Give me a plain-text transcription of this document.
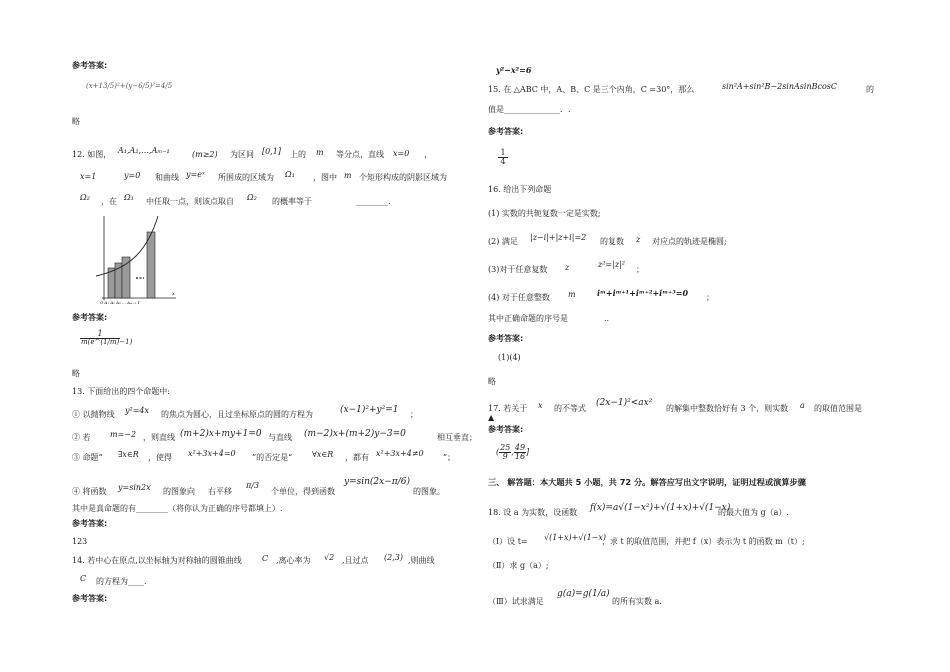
参考答案:
(x+13/5)²+(y−6/5)²=4/5
略
12. 如图， A₁,A₂,…,Aₘ₋₁	(m≥2) 为区间 [0,1] 上的 m 等分点，直线 x=0 ，
x=1	y=0 和曲线 y=eˣ 所围成的区域为 Ω₁ ，图中 m 个矩形构成的阴影区域为
Ω₂ ，在 Ω₁ 中任取一点，则该点取自 Ω₂ 的概率等于	________.
x
O A₁ A₂ A₃ … Aₘ₋₁ 1
参考答案:
$\frac{1}{m(e\^{}(1/m)-1)}$
略
13. 下面给出的四个命题中:
① 以抛物线 y²=4x 的焦点为圆心，且过坐标原点的圆的方程为	(x−1)²+y²=1 ；
② 若 m=−2 ，则直线 (m+2)x+my+1=0 与直线 (m−2)x+(m+2)y−3=0	相互垂直；
③ 命题“ ∃x∈R ，使得 x²+3x+4=0 ”的否定是“ ∀x∈R ，都有 x²+3x+4≠0 ”；
④ 将函数 y=sin2x 的图象向 右平移
π/3
个单位，得到函数
y=sin(2x−π/6)
的图象。
其中是真命题的有________（将你认为正确的序号都填上）.
参考答案:
123
14. 若中心在原点,以坐标轴为对称轴的圆锥曲线	C ,离心率为 √2 ,且过点 (2,3) ,则曲线
C 的方程为____.
参考答案:
y²−x²=6
15. 在 △ABC 中，A、B、C 是三个内角，C =30°，那么	sin²A+sin²B−2sinAsinBcosC	的
值是______________．.
参考答案:
$\frac{1}{4}$
16. 给出下列命题
(1) 实数的共轭复数一定是实数;
(2) 满足 |z−i|+|z+i|=2 的复数 z 对应点的轨迹是椭圆;
(3)对于任意复数 z	z²=|z|²
；
(4) 对于任意整数 m	iᵐ+iᵐ⁺¹+iᵐ⁺²+iᵐ⁺³=0 ；
其中正确命题的序号是	..
参考答案:
(1)(4)
略
17. 若关于 x 的不等式
(2x−1)²<ax²
的解集中整数恰好有 3 个，则实数 a 的取值范围是
▲
参考答案:
( $\frac{25}{9}$ , $\frac{49}{16}$ ]
三、 解答题：本大题共 5 小题，共 72 分。解答应写出文字说明，证明过程或演算步骤
18. 设 a 为实数，设函数 f(x)=a√(1−x²)+√(1+x)+√(1−x)
的最大值为 g（a）.
（Ⅰ）设 t= √(1+x)+√(1−x)
，求 t 的取值范围，并把 f（x）表示为 t 的函数 m（t）;
（Ⅱ）求 g（a）;
（Ⅲ）试求满足
g(a)=g(1/a)
的所有实数 a.
